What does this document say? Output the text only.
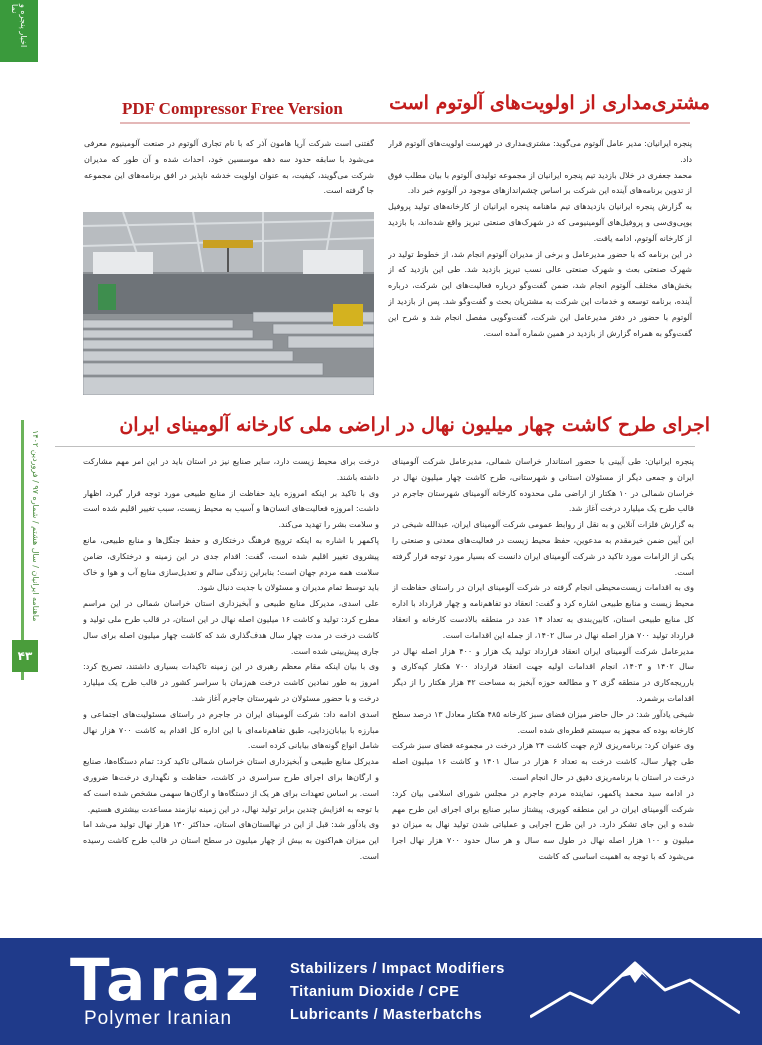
اخبار پنجره و نما
ماهنامه ایرانیان / سال هشتم / شماره ۹۷ / فروردین ۱۴۰۲
۴۳
PDF Compressor Free Version مشتری‌مداری از اولویت‌های آلوتوم است

پنجره ایرانیان: مدیر عامل آلوتوم می‌گوید: مشتری‌مداری در فهرست اولویت‌های آلوتوم قرار داد.

محمد جعفری در خلال بازدید تیم پنجره ایرانیان از مجموعه تولیدی آلوتوم با بیان مطلب فوق از تدوین برنامه‌های آینده این شرکت بر اساس چشم‌اندازهای موجود در آلوتوم خبر داد.

به گزارش پنجره ایرانیان بازدیدهای تیم ماهنامه پنجره ایرانیان از کارخانه‌های تولید پروفیل یوپی‌وی‌سی و پروفیل‌های آلومینیومی که در شهرک‌های صنعتی تبریز واقع شده‌اند، با بازدید از کارخانه آلوتوم، ادامه یافت.

در این برنامه که با حضور مدیرعامل و برخی از مدیران آلوتوم انجام شد، از خطوط تولید در شهرک صنعتی بعث و شهرک صنعتی عالی نسب تبریز بازدید شد. طی این بازدید که از بخش‌های مختلف آلوتوم انجام شد، ضمن گفت‌وگو درباره فعالیت‌های این شرکت، درباره آینده، برنامه توسعه و خدمات این شرکت به مشتریان بحث و گفت‌وگو شد. پس از بازدید از آلوتوم با حضور در دفتر مدیرعامل این شرکت، گفت‌وگویی مفصل انجام شد و شرح این گفت‌وگو به همراه گزارش از بازدید در همین شماره آمده است.

گفتنی است شرکت آریا هامون آذر که با نام تجاری آلوتوم در صنعت آلومینیوم معرفی می‌شود با سابقه حدود سه دهه موسسین خود، احداث شده و آن طور که مدیران شرکت می‌گویند، کیفیت، به عنوان اولویت خدشه ناپذیر در افق برنامه‌های این مجموعه جا گرفته است.

اجرای طرح کاشت چهار میلیون نهال در اراضی ملی کارخانه آلومینای ایران

پنجره ایرانیان: طی آیینی با حضور استاندار خراسان شمالی، مدیرعامل شرکت آلومینای ایران و جمعی دیگر از مسئولان استانی و شهرستانی، طرح کاشت چهار میلیون نهال در خراسان شمالی در ۱۰ هکتار از اراضی ملی محدوده کارخانه آلومینای شهرستان جاجرم در قالب طرح یک میلیارد درخت آغاز شد.

به گزارش فلزات آنلاین و به نقل از روابط عمومی شرکت آلومینای ایران، عبدالله شیخی در این آیین ضمن خیرمقدم به مدعوین، حفظ محیط زیست در فعالیت‌های معدنی و صنعتی را یکی از الزامات مورد تاکید در شرکت آلومینای ایران دانست که بسیار مورد توجه قرار گرفته است.

وی به اقدامات زیست‌محیطی انجام گرفته در شرکت آلومینای ایران در راستای حفاظت از محیط زیست و منابع طبیعی اشاره کرد و گفت: انعقاد دو تفاهم‌نامه و چهار قرارداد با اداره کل منابع طبیعی استان، کابین‌بندی به تعداد ۱۴ عدد در منطقه بالادست کارخانه و انعقاد قرارداد تولید ۷۰۰ هزار اصله نهال در سال ۱۴۰۲، از جمله این اقدامات است.

مدیرعامل شرکت آلومینای ایران انعقاد قرارداد تولید یک هزار و ۴۰۰ هزار اصله نهال در سال ۱۴۰۲ و ۱۴۰۳، انجام اقدامات اولیه جهت انعقاد قرارداد ۷۰۰ هکتار کپه‌کاری و بارریجه‌کاری در منطقه گزی ۲ و مطالعه حوزه آبخیز به مساحت ۴۲ هزار هکتار را از دیگر اقدامات برشمرد.

شیخی یادآور شد: در حال حاضر میزان فضای سبز کارخانه ۴۸۵ هکتار معادل ۱۳ درصد سطح کارخانه بوده که مجهز به سیستم قطره‌ای شده است.

وی عنوان کرد: برنامه‌ریزی لازم جهت کاشت ۲۴ هزار درخت در مجموعه فضای سبز شرکت طی چهار سال، کاشت درخت به تعداد ۶ هزار در سال ۱۴۰۱ و کاشت ۱۶ میلیون اصله درخت در استان با برنامه‌ریزی دقیق در حال انجام است.

در ادامه سید محمد پاکمهر، نماینده مردم جاجرم در مجلس شورای اسلامی بیان کرد: شرکت آلومینای ایران در این منطقه کویری، پیشتاز سایر صنایع برای اجرای این طرح مهم شده و این جای تشکر دارد. در این طرح اجرایی و عملیاتی شدن تولید نهال به میزان دو میلیون و ۱۰۰ هزار اصله نهال در طول سه سال و هر سال حدود ۷۰۰ هزار نهال اجرا می‌شود که با توجه به اهمیت اساسی که کاشت

درخت برای محیط زیست دارد، سایر صنایع نیز در استان باید در این امر مهم مشارکت داشته باشند.

وی با تاکید بر اینکه امروزه باید حفاظت از منابع طبیعی مورد توجه قرار گیرد، اظهار داشت: امروزه فعالیت‌های انسان‌ها و آسیب به محیط زیست، سبب تغییر اقلیم شده است و سلامت بشر را تهدید می‌کند.

پاکمهر با اشاره به اینکه ترویج فرهنگ درختکاری و حفظ جنگل‌ها و منابع طبیعی، مانع پیشروی تغییر اقلیم شده است، گفت: اقدام جدی در این زمینه و درختکاری، ضامن سلامت همه مردم جهان است؛ بنابراین زندگی سالم و تعدیل‌سازی منابع آب و هوا و خاک باید توسط تمام مدیران و مسئولان با جدیت دنبال شود.

علی اسدی، مدیرکل منابع طبیعی و آبخیزداری استان خراسان شمالی در این مراسم مطرح کرد: تولید و کاشت ۱۶ میلیون اصله نهال در این استان، در قالب طرح ملی تولید و کاشت درخت در مدت چهار سال هدف‌گذاری شد که کاشت چهار میلیون اصله برای سال جاری پیش‌بینی شده است.

وی با بیان اینکه مقام معظم رهبری در این زمینه تاکیدات بسیاری داشتند، تصریح کرد: امروز به طور نمادین کاشت درخت هم‌زمان با سراسر کشور در قالب طرح یک میلیارد درخت و با حضور مسئولان در شهرستان جاجرم آغاز شد.

اسدی ادامه داد: شرکت آلومینای ایران در جاجرم در راستای مسئولیت‌های اجتماعی و مبارزه با بیابان‌زدایی، طبق تفاهم‌نامه‌ای با این اداره کل اقدام به کاشت ۷۰۰ هزار نهال شامل انواع گونه‌های بیابانی کرده است.

مدیرکل منابع طبیعی و آبخیزداری استان خراسان شمالی تاکید کرد: تمام دستگاه‌ها، صنایع و ارگان‌ها برای اجرای طرح سراسری در کاشت، حفاظت و نگهداری درخت‌ها ضروری است. بر اساس تعهدات برای هر یک از دستگاه‌ها و ارگان‌ها سهمی مشخص شده است که با توجه به افزایش چندین برابر تولید نهال، در این زمینه نیازمند مساعدت بیشتری هستیم.

وی یادآور شد: قبل از این در نهالستان‌های استان، حداکثر ۱۳۰ هزار نهال تولید می‌شد اما این میزان هم‌اکنون به بیش از چهار میلیون در سطح استان در قالب طرح کاشت رسیده است.

Taraz
Polymer Iranian
Stabilizers / Impact Modifiers
Titanium Dioxide / CPE
Lubricants / Masterbatchs
